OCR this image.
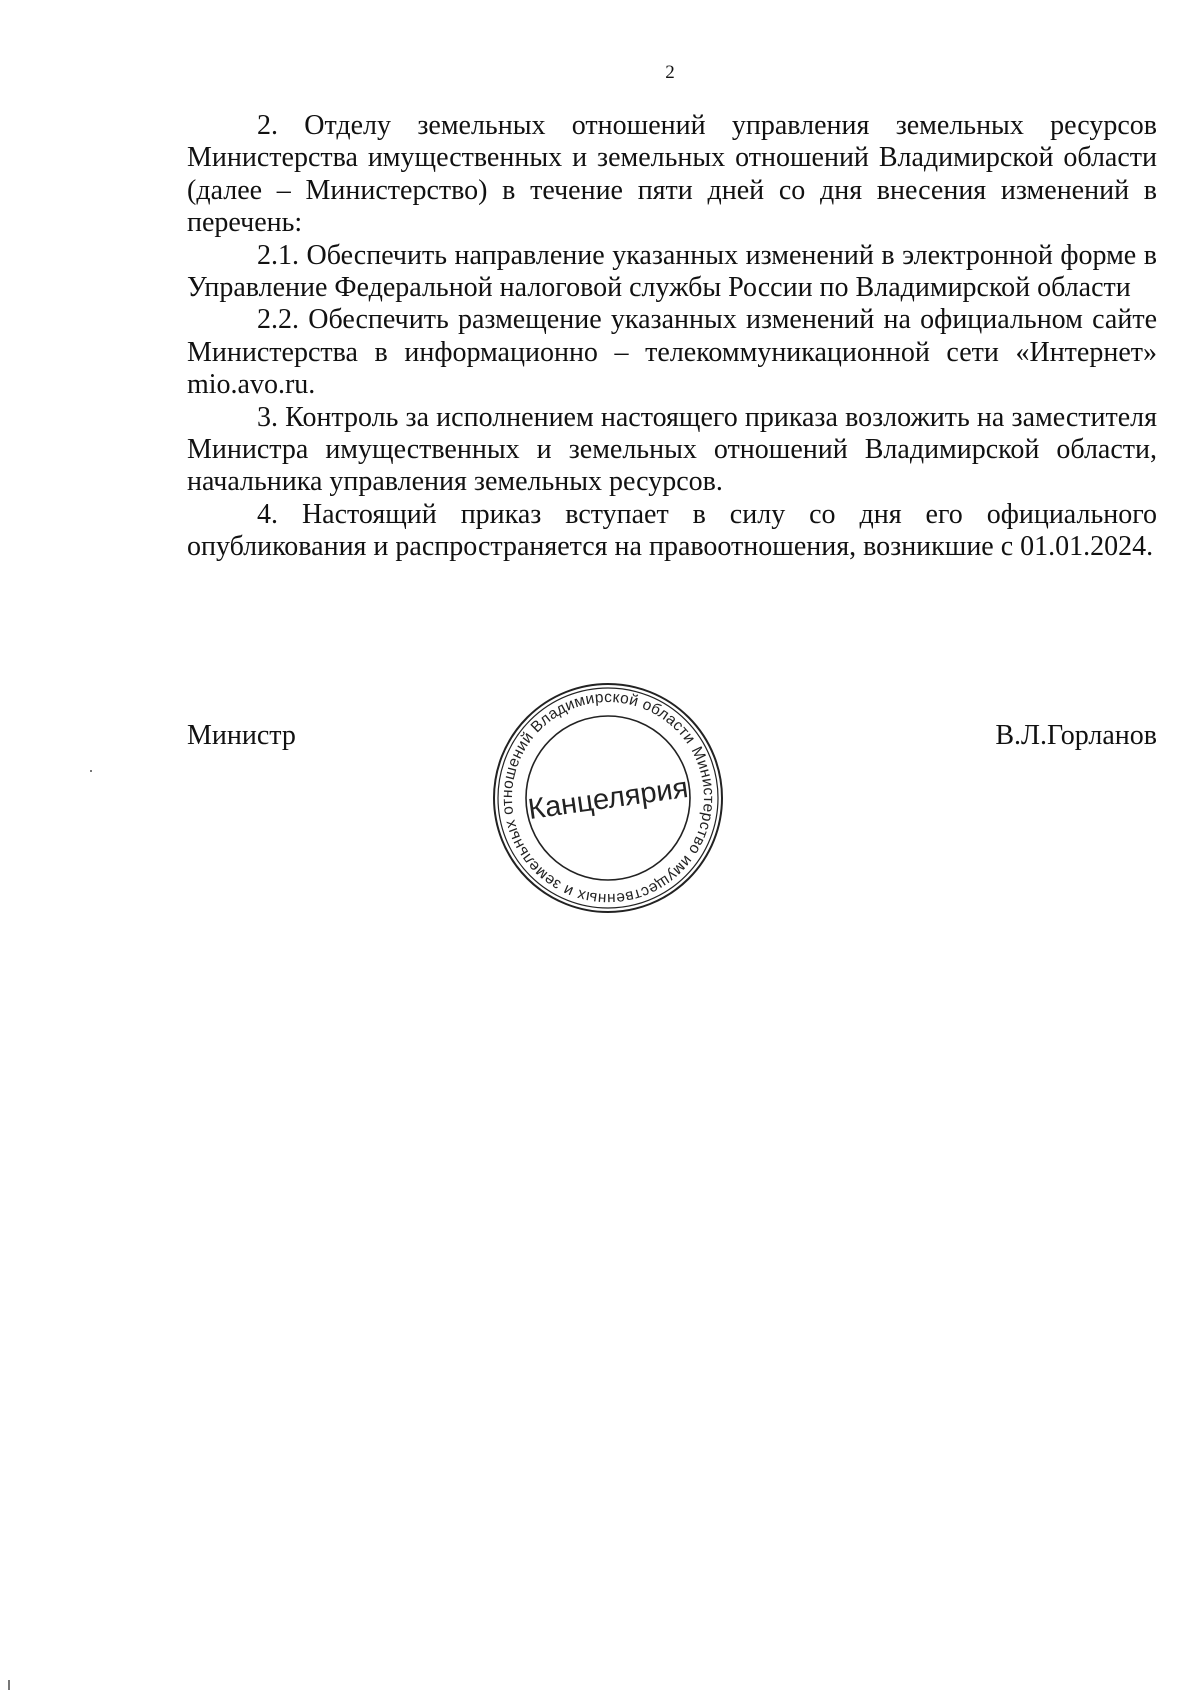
2

2. Отделу земельных отношений управления земельных ресурсов Министерства имущественных и земельных отношений Владимирской области (далее – Министерство) в течение пяти дней со дня внесения изменений в перечень:

2.1. Обеспечить направление указанных изменений в электронной форме в Управление Федеральной налоговой службы России по Владимирской области

2.2. Обеспечить размещение указанных изменений на официальном сайте Министерства в информационно – телекоммуникационной сети «Интернет» mio.avo.ru.

3. Контроль за исполнением настоящего приказа возложить на заместителя Министра имущественных и земельных отношений Владимирской области, начальника управления земельных ресурсов.

4. Настоящий приказ вступает в силу со дня его официального опубликования и распространяется на правоотношения, возникшие с 01.01.2024.

Министр	В.Л.Горланов
Министерство имущественных и земельных отношений Владимирской области
Канцелярия
